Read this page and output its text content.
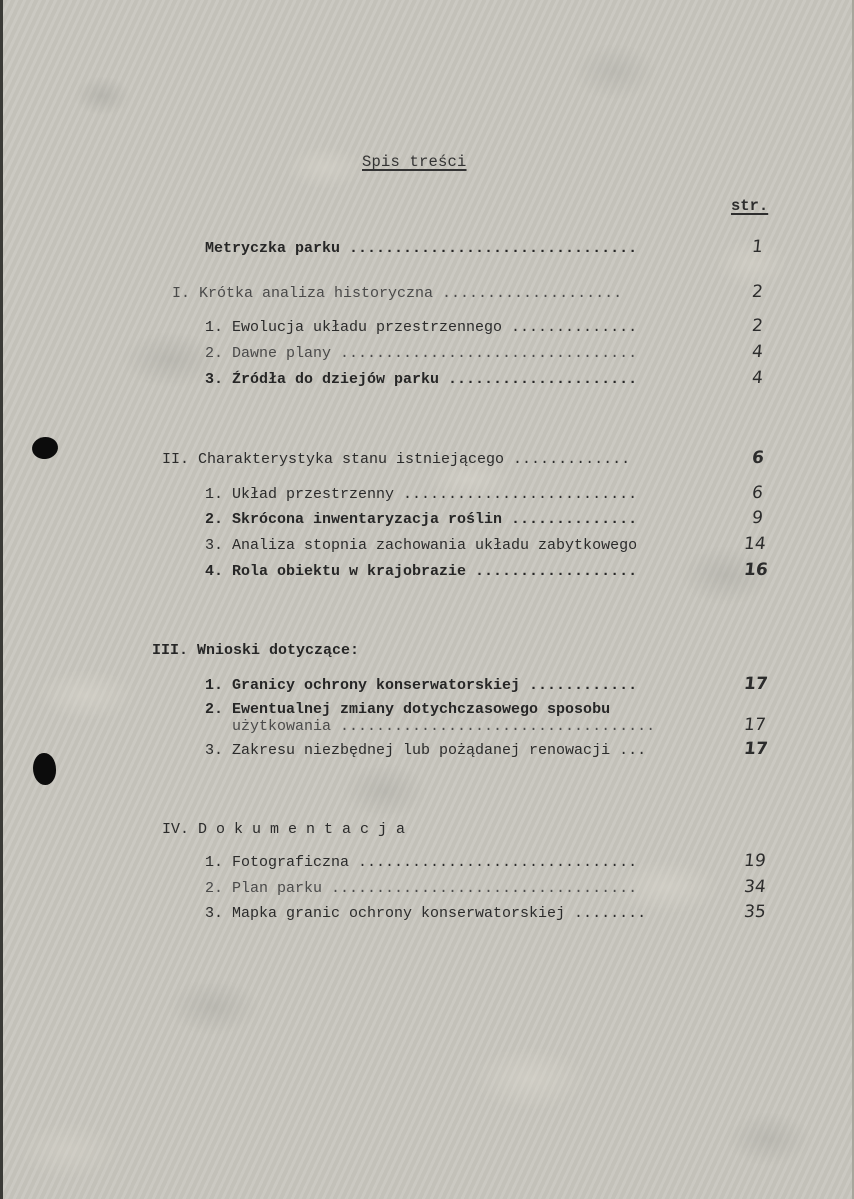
Spis treści
str.
Metryczka parku ................................	1
I. Krótka analiza historyczna ....................	2
1. Ewolucja układu przestrzennego ..............	2
2. Dawne plany .................................	4
3. Źródła do dziejów parku .....................	4
II. Charakterystyka stanu istniejącego .............	6
1. Układ przestrzenny ..........................	6
2. Skrócona inwentaryzacja roślin ..............	9
3. Analiza stopnia zachowania układu zabytkowego	14
4. Rola obiektu w krajobrazie ..................	16
III. Wnioski dotyczące:
1. Granicy ochrony konserwatorskiej ............	17
2. Ewentualnej zmiany dotychczasowego sposobu
użytkowania ...................................	17
3. Zakresu niezbędnej lub pożądanej renowacji ...	17
IV. D o k u m e n t a c j a
1. Fotograficzna ...............................	19
2. Plan parku ..................................	34
3. Mapka granic ochrony konserwatorskiej ........	35
